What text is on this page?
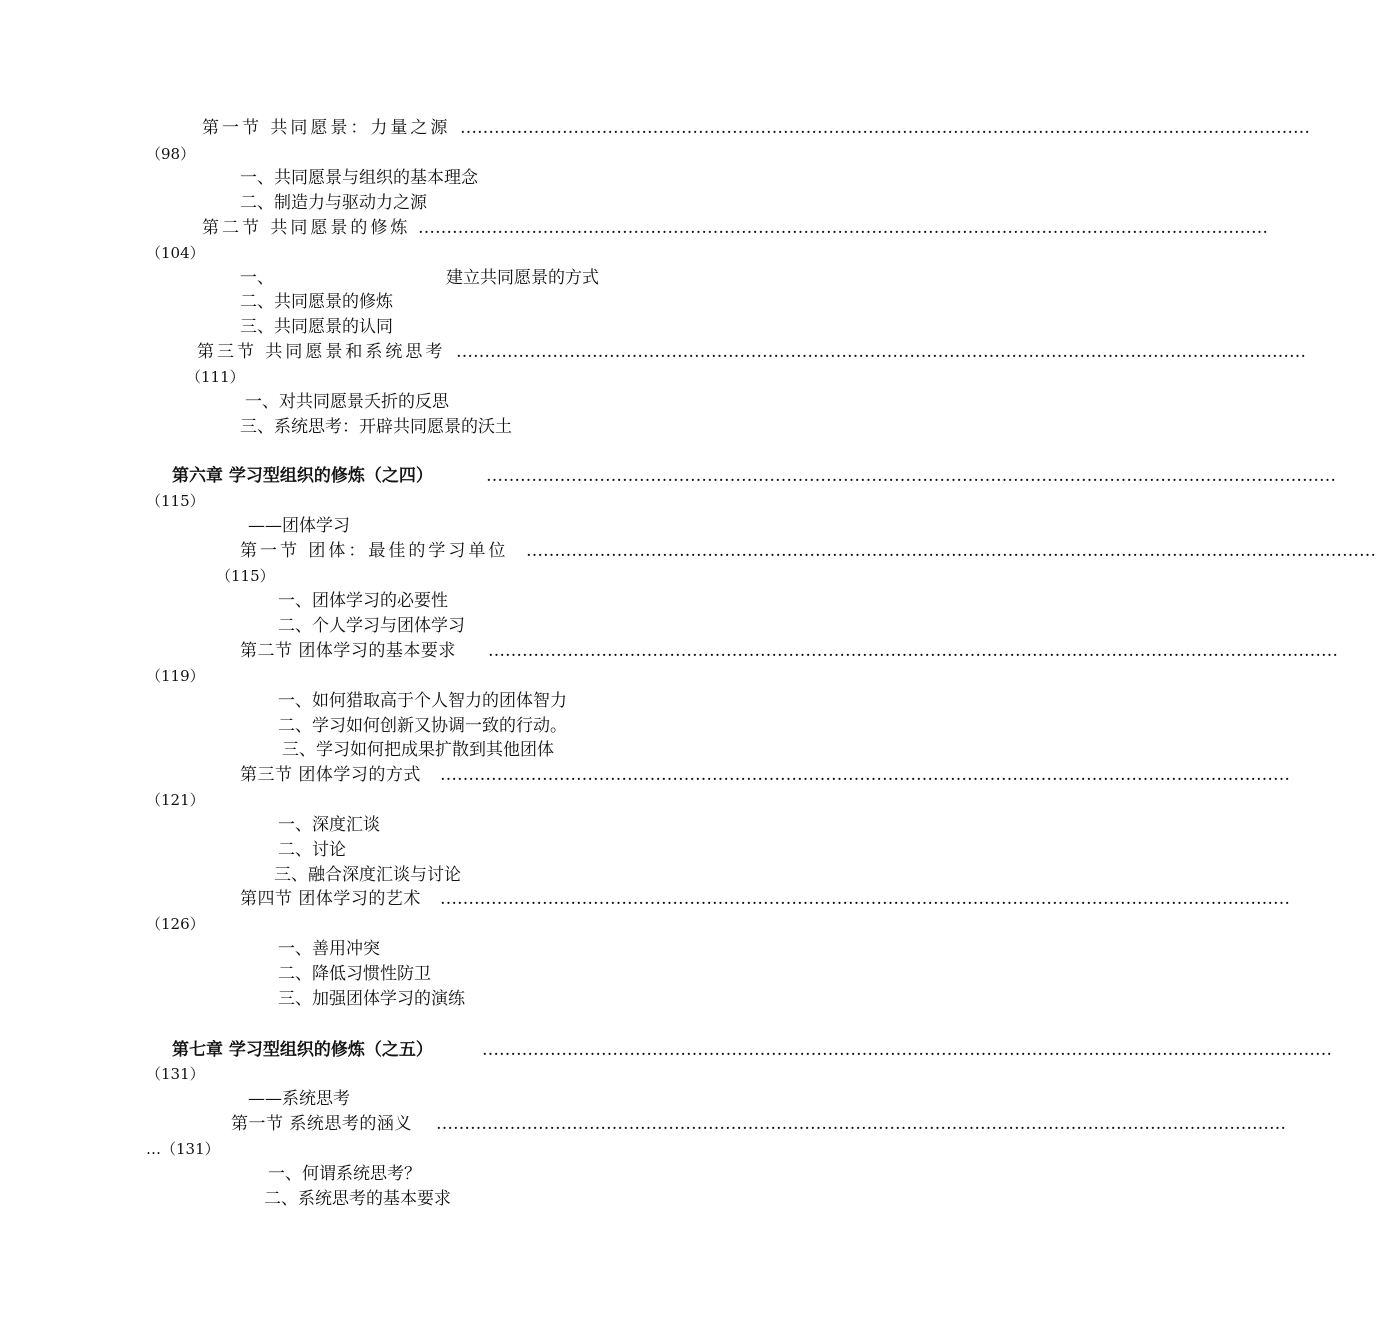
第一节 共同愿景：力量之源 ……………………………………………………………………………………………………………………………………
（98）
一、共同愿景与组织的基本理念
二、制造力与驱动力之源
第二节 共同愿景的修炼 ……………………………………………………………………………………………………………………………………
（104）
一、	建立共同愿景的方式
二、共同愿景的修炼
三、共同愿景的认同
第三节 共同愿景和系统思考 ……………………………………………………………………………………………………………………………………
（111）
一、对共同愿景夭折的反思
三、系统思考：开辟共同愿景的沃土
第六章 学习型组织的修炼（之四）	……………………………………………………………………………………………………………………………………
（115）
——团体学习
第一节 团体：最佳的学习单位 ……………………………………………………………………………………………………………………………………
（115）
一、团体学习的必要性
二、个人学习与团体学习
第二节 团体学习的基本要求 ……………………………………………………………………………………………………………………………………
（119）
一、如何猎取高于个人智力的团体智力
二、学习如何创新又协调一致的行动。
三、学习如何把成果扩散到其他团体
第三节 团体学习的方式 ……………………………………………………………………………………………………………………………………
（121）
一、深度汇谈
二、讨论
三、融合深度汇谈与讨论
第四节 团体学习的艺术 ……………………………………………………………………………………………………………………………………
（126）
一、善用冲突
二、降低习惯性防卫
三、加强团体学习的演练
第七章 学习型组织的修炼（之五）	……………………………………………………………………………………………………………………………………
（131）
——系统思考
第一节 系统思考的涵义 ……………………………………………………………………………………………………………………………………
…（131）
一、何谓系统思考？
二、系统思考的基本要求
